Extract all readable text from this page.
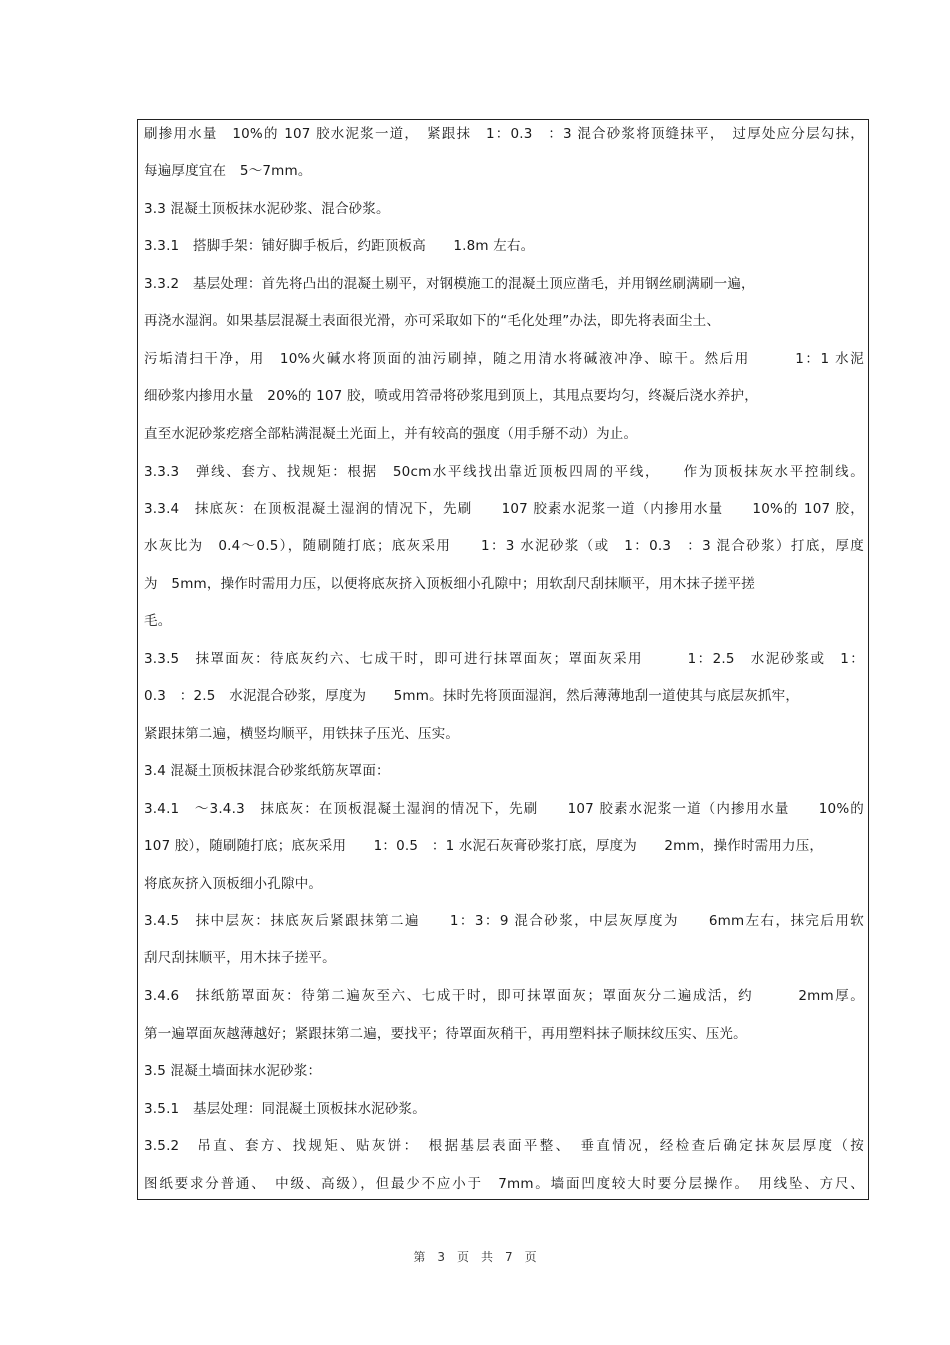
刷掺用水量　10%的 107 胶水泥浆一道，　紧跟抹　1：0.3　：3 混合砂浆将顶缝抹平，　过厚处应分层勾抹，
每遍厚度宜在　5～7mm。
3.3 混凝土顶板抹水泥砂浆、混合砂浆。
3.3.1　搭脚手架：铺好脚手板后，约距顶板高　　1.8m 左右。
3.3.2　基层处理：首先将凸出的混凝土剔平，对钢模施工的混凝土顶应凿毛，并用钢丝刷满刷一遍，
再浇水湿润。如果基层混凝土表面很光滑，亦可采取如下的“毛化处理”办法，即先将表面尘土、
污垢清扫干净，用　10%火碱水将顶面的油污刷掉，随之用清水将碱液冲净、晾干。然后用　　　1：1 水泥
细砂浆内掺用水量　20%的 107 胶，喷或用笤帚将砂浆甩到顶上，其甩点要均匀，终凝后浇水养护，
直至水泥砂浆疙瘩全部粘满混凝土光面上，并有较高的强度（用手掰不动）为止。
3.3.3　弹线、套方、找规矩：根据　50cm水平线找出靠近顶板四周的平线，　　作为顶板抹灰水平控制线。
3.3.4　抹底灰：在顶板混凝土湿润的情况下，先刷　　107 胶素水泥浆一道（内掺用水量　　10%的 107 胶，
水灰比为　0.4～0.5），随刷随打底；底灰采用　　1：3 水泥砂浆（或　1：0.3　：3 混合砂浆）打底，厚度
为　5mm，操作时需用力压，以便将底灰挤入顶板细小孔隙中；用软刮尺刮抹顺平，用木抹子搓平搓
毛。
3.3.5　抹罩面灰：待底灰约六、七成干时，即可进行抹罩面灰；罩面灰采用　　　1：2.5　水泥砂浆或　1：
0.3　：2.5　水泥混合砂浆，厚度为　　5mm。抹时先将顶面湿润，然后薄薄地刮一道使其与底层灰抓牢，
紧跟抹第二遍，横竖均顺平，用铁抹子压光、压实。
3.4 混凝土顶板抹混合砂浆纸筋灰罩面：
3.4.1　～3.4.3　抹底灰：在顶板混凝土湿润的情况下，先刷　　107 胶素水泥浆一道（内掺用水量　　10%的
107 胶），随刷随打底；底灰采用　　1：0.5　：1 水泥石灰膏砂浆打底，厚度为　　2mm，操作时需用力压，
将底灰挤入顶板细小孔隙中。
3.4.5　抹中层灰：抹底灰后紧跟抹第二遍　　1：3：9 混合砂浆，中层灰厚度为　　6mm左右，抹完后用软
刮尺刮抹顺平，用木抹子搓平。
3.4.6　抹纸筋罩面灰：待第二遍灰至六、七成干时，即可抹罩面灰；罩面灰分二遍成活，约　　　2mm厚。
第一遍罩面灰越薄越好；紧跟抹第二遍，要找平；待罩面灰稍干，再用塑料抹子顺抹纹压实、压光。
3.5 混凝土墙面抹水泥砂浆：
3.5.1　基层处理：同混凝土顶板抹水泥砂浆。
3.5.2　吊直、套方、找规矩、贴灰饼：　根据基层表面平整、　垂直情况，经检查后确定抹灰层厚度（按
图纸要求分普通、　中级、高级），但最少不应小于　7mm。墙面凹度较大时要分层操作。　用线坠、方尺、
第　3　页　共　7　页
